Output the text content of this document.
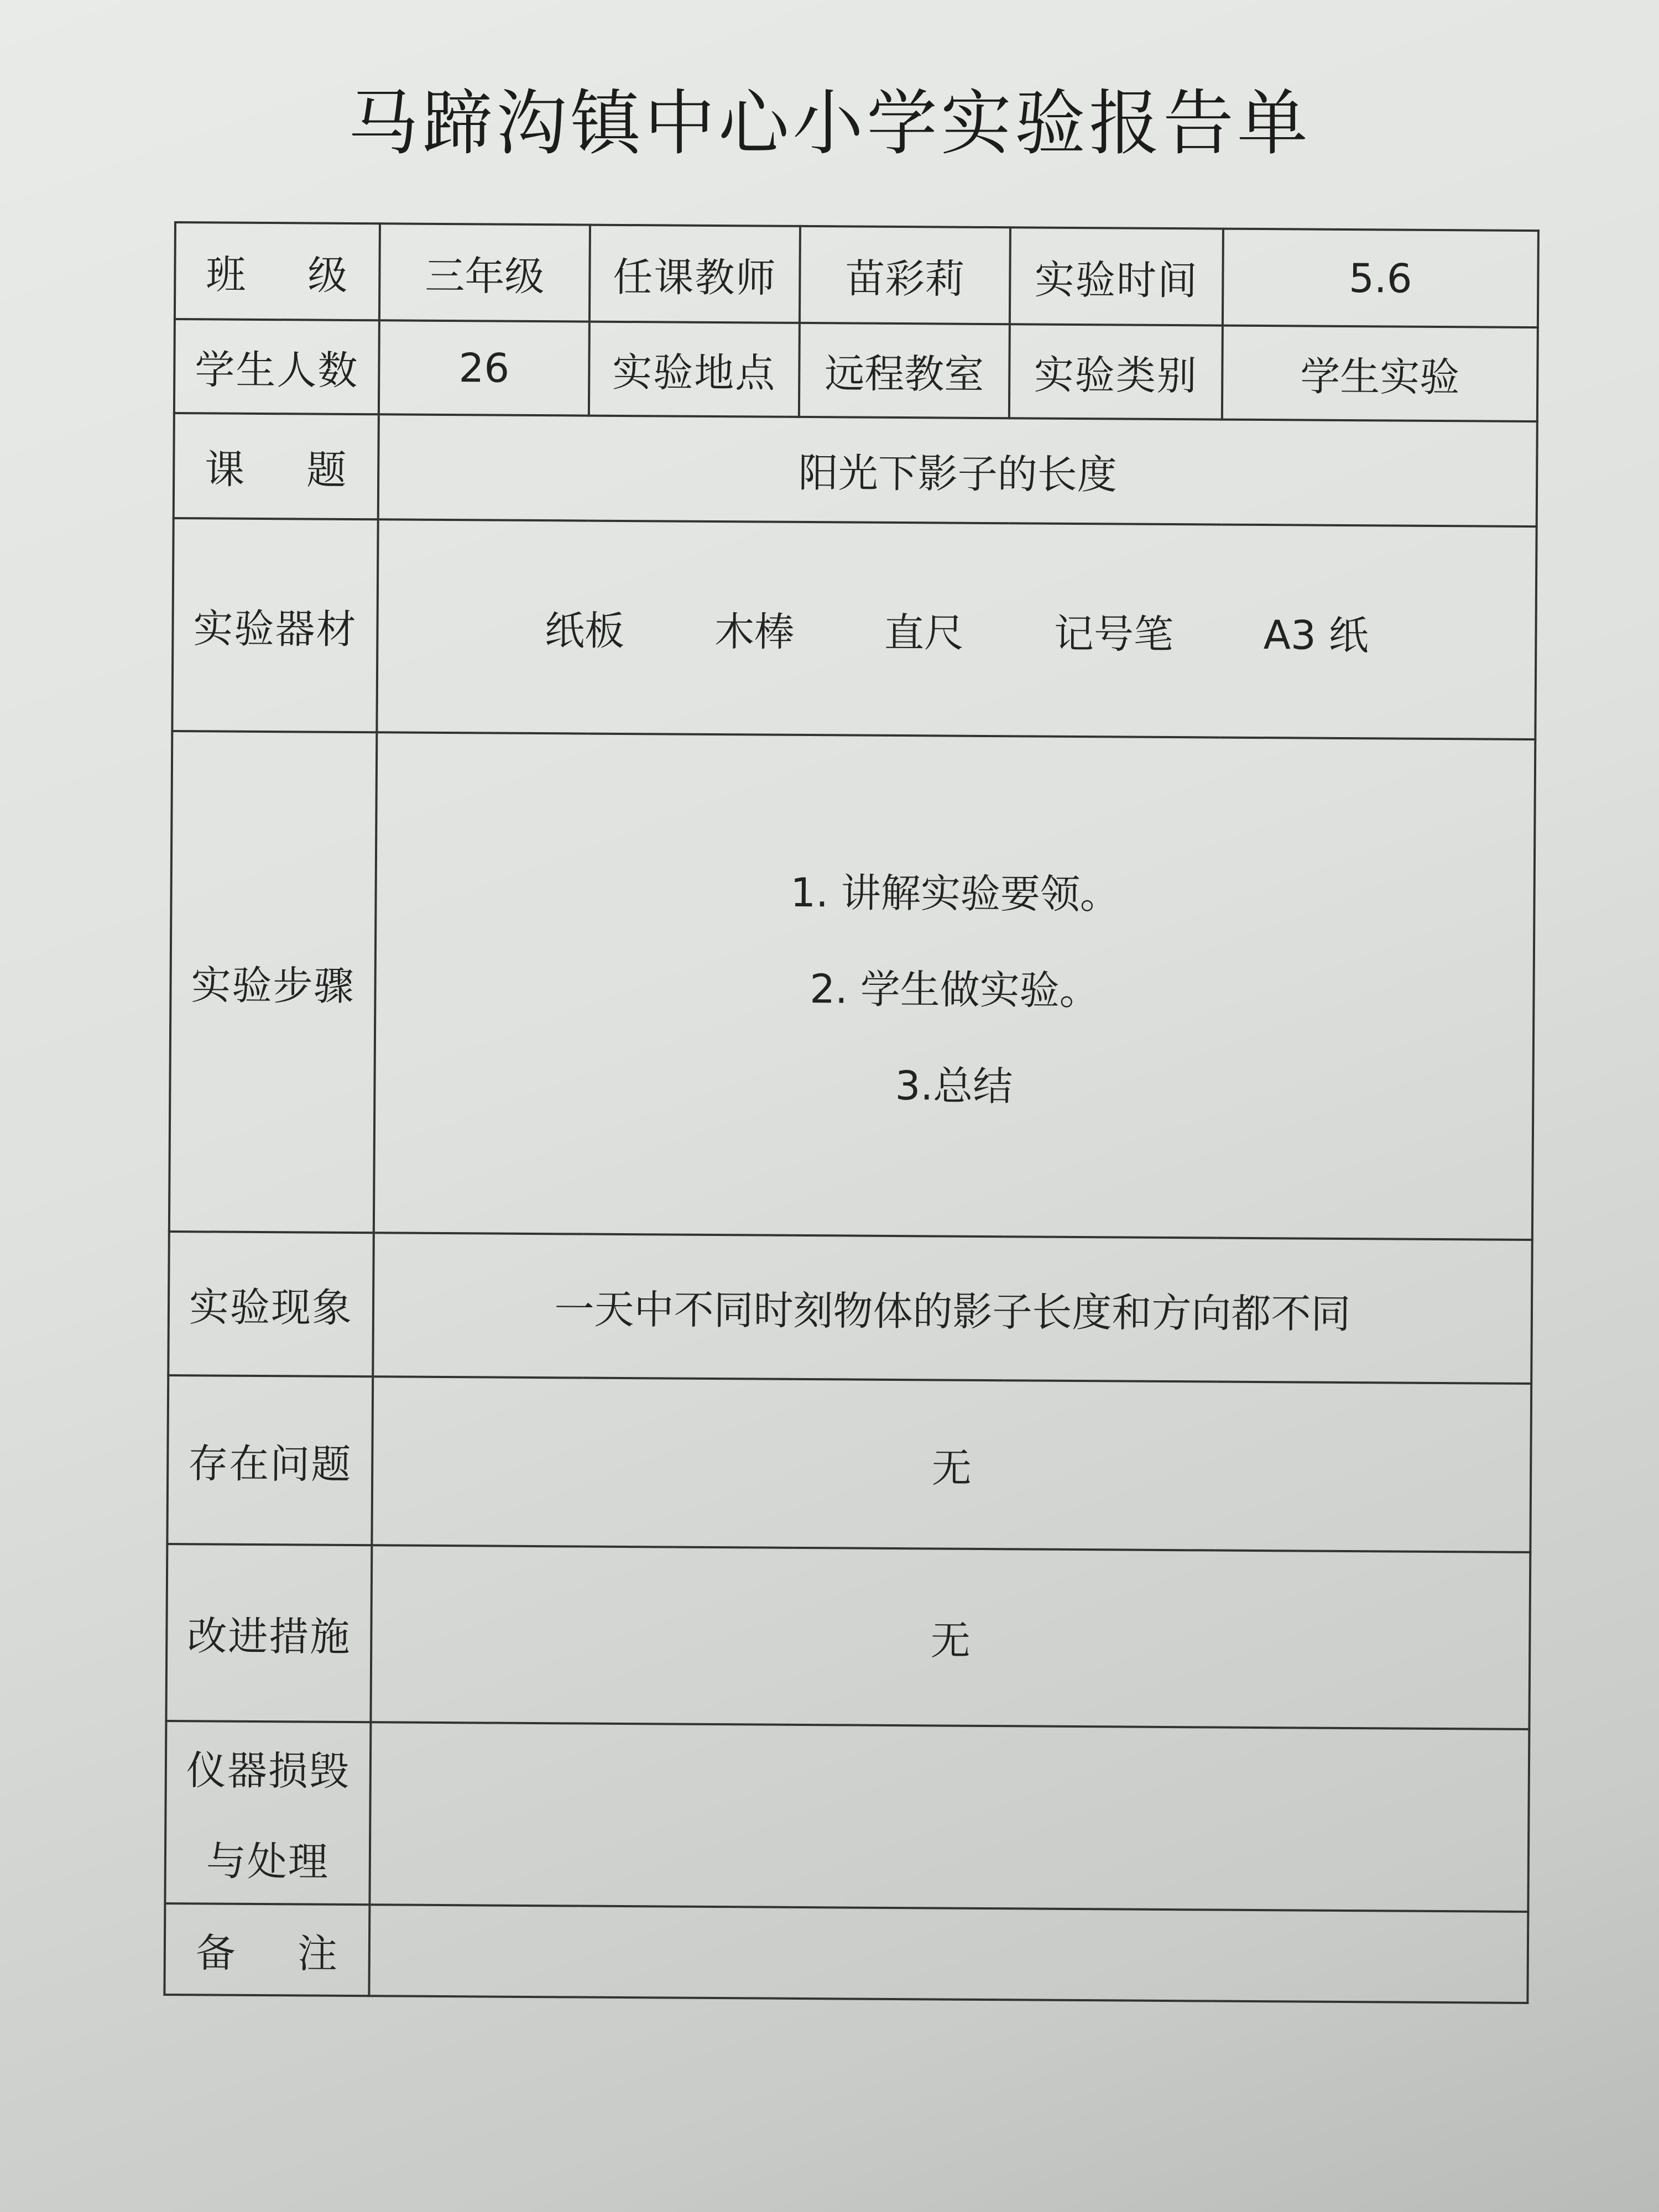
马蹄沟镇中心小学实验报告单
班 级	三年级	任课教师	苗彩莉	实验时间	5.6
学生人数	26	实验地点	远程教室	实验类别	学生实验
课 题	阳光下影子的长度				
实验器材	纸板 木棒 直尺 记号笔 A3 纸				
实验步骤	1. 讲解实验要领。
2. 学生做实验。
3.总结				

实验现象	一天中不同时刻物体的影子长度和方向都不同				
存在问题	无				
改进措施	无				

仪器损毁
与处理					

备 注					
